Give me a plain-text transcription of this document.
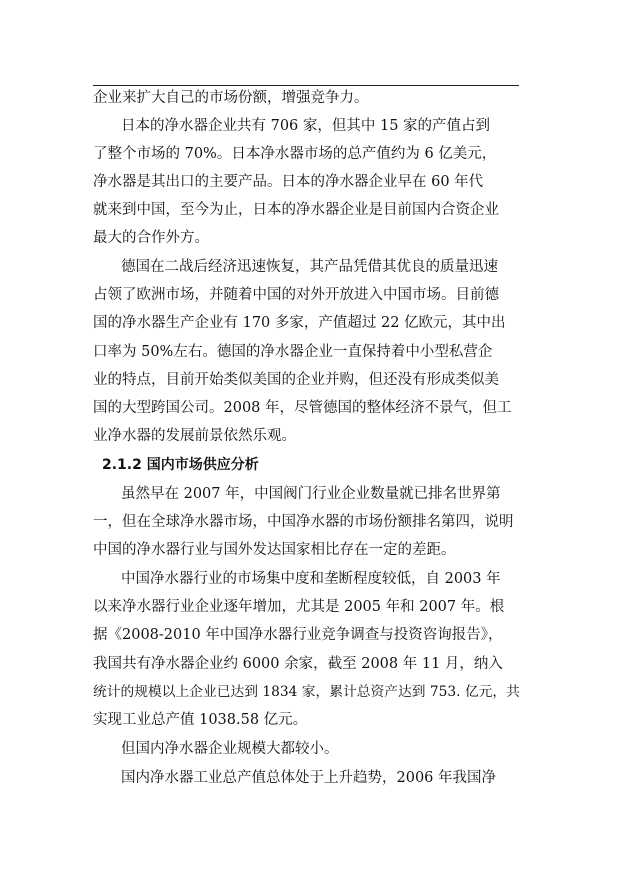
企业来扩大自己的市场份额，增强竞争力。
日本的净水器企业共有 706 家，但其中 15 家的产值占到
了整个市场的 70%。日本净水器市场的总产值约为 6 亿美元，
净水器是其出口的主要产品。日本的净水器企业早在 60 年代
就来到中国，至今为止，日本的净水器企业是目前国内合资企业
最大的合作外方。
德国在二战后经济迅速恢复，其产品凭借其优良的质量迅速
占领了欧洲市场，并随着中国的对外开放进入中国市场。目前德
国的净水器生产企业有 170 多家，产值超过 22 亿欧元，其中出
口率为 50%左右。德国的净水器企业一直保持着中小型私营企
业的特点，目前开始类似美国的企业并购，但还没有形成类似美
国的大型跨国公司。2008 年，尽管德国的整体经济不景气，但工
业净水器的发展前景依然乐观。
2.1.2 国内市场供应分析
虽然早在 2007 年，中国阀门行业企业数量就已排名世界第
一，但在全球净水器市场，中国净水器的市场份额排名第四，说明
中国的净水器行业与国外发达国家相比存在一定的差距。
中国净水器行业的市场集中度和垄断程度较低，自 2003 年
以来净水器行业企业逐年增加，尤其是 2005 年和 2007 年。根
据《2008-2010 年中国净水器行业竞争调查与投资咨询报告》，
我国共有净水器企业约 6000 余家，截至 2008 年 11 月，纳入
统计的规模以上企业已达到 1834 家，累计总资产达到 753. 亿元，共
实现工业总产值 1038.58 亿元。
但国内净水器企业规模大都较小。
国内净水器工业总产值总体处于上升趋势，2006 年我国净
